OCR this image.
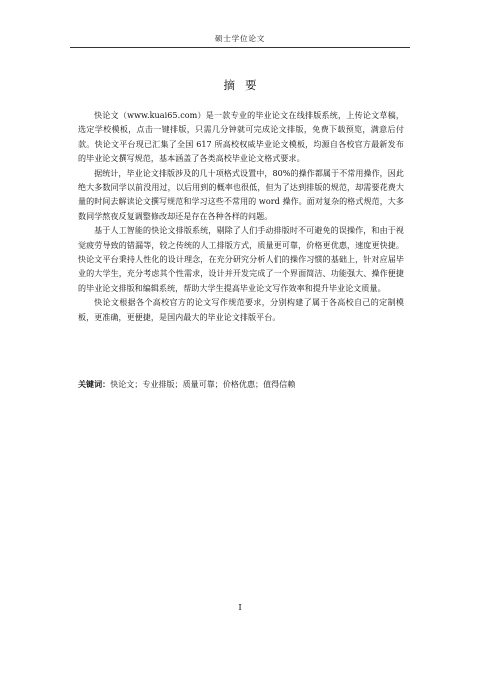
硕士学位论文
摘要

快论文（www.kuai65.com）是一款专业的毕业论文在线排版系统，上传论文草稿，选定学校模板，点击一键排版，只需几分钟就可完成论文排版，免费下载预览，满意后付款。快论文平台现已汇集了全国 617 所高校权威毕业论文模板，均源自各校官方最新发布的毕业论文撰写规范，基本涵盖了各类高校毕业论文格式要求。

据统计，毕业论文排版涉及的几十项格式设置中，80%的操作都属于不常用操作，因此绝大多数同学以前没用过，以后用到的概率也很低，但为了达到排版的规范，却需要花费大量的时间去解读论文撰写规范和学习这些不常用的 word 操作。面对复杂的格式规范，大多数同学熬夜反复调整修改却还是存在各种各样的问题。

基于人工智能的快论文排版系统，剔除了人们手动排版时不可避免的误操作，和由于视觉疲劳导致的错漏等，较之传统的人工排版方式，质量更可靠，价格更优惠，速度更快捷。快论文平台秉持人性化的设计理念，在充分研究分析人们的操作习惯的基础上，针对应届毕业的大学生，充分考虑其个性需求，设计并开发完成了一个界面简洁、功能强大、操作便捷的毕业论文排版和编辑系统，帮助大学生提高毕业论文写作效率和提升毕业论文质量。

快论文根据各个高校官方的论文写作规范要求，分别构建了属于各高校自己的定制模板，更准确，更便捷，是国内最大的毕业论文排版平台。

关键词：快论文；专业排版；质量可靠；价格优惠；值得信赖
I
